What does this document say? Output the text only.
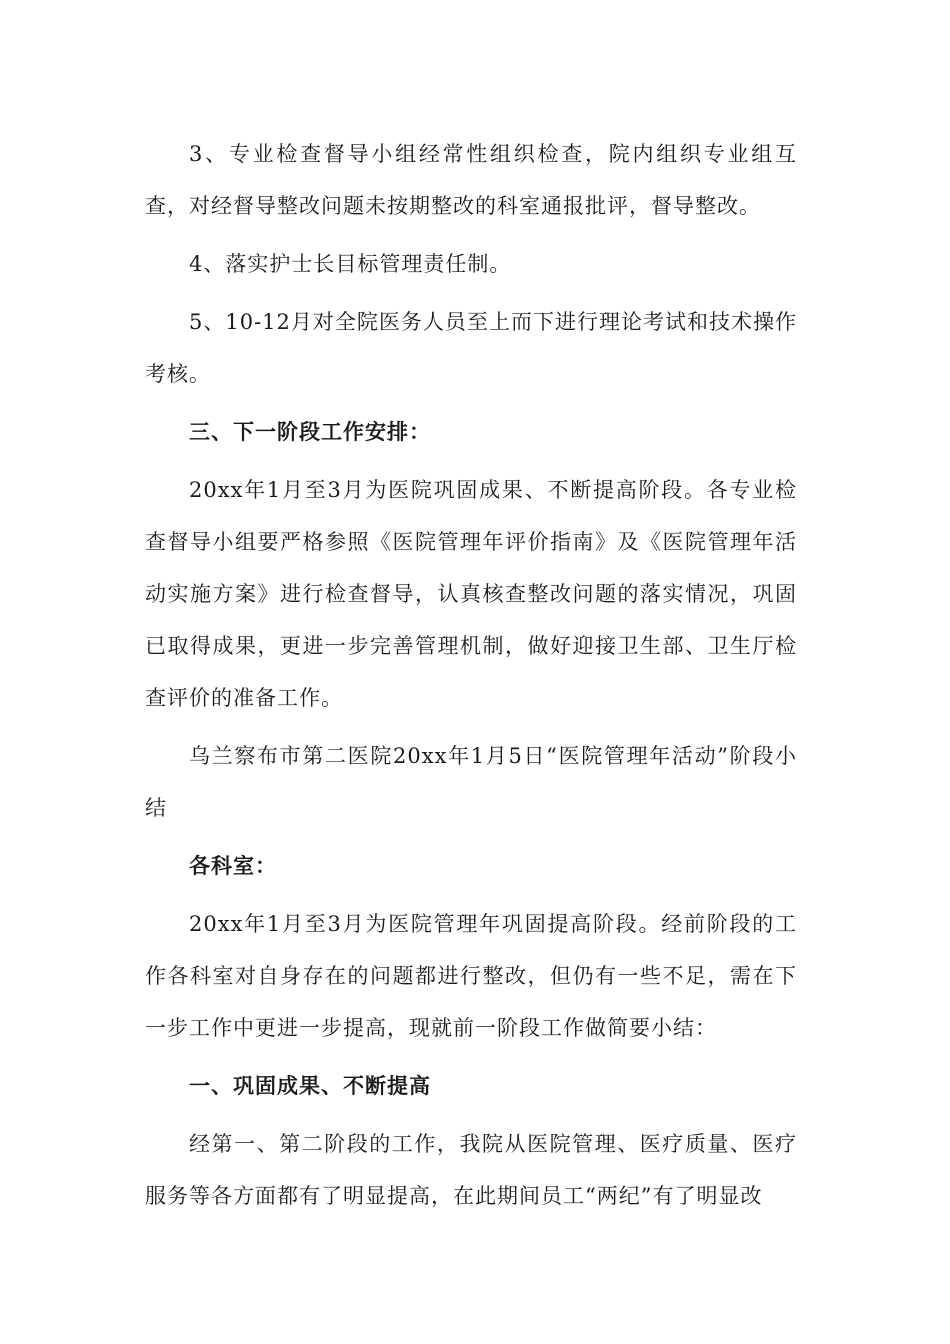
3、专业检查督导小组经常性组织检查，院内组织专业组互查，对经督导整改问题未按期整改的科室通报批评，督导整改。

4、落实护士长目标管理责任制。

5、10-12月对全院医务人员至上而下进行理论考试和技术操作考核。

三、下一阶段工作安排：

20xx年1月至3月为医院巩固成果、不断提高阶段。各专业检查督导小组要严格参照《医院管理年评价指南》及《医院管理年活动实施方案》进行检查督导，认真核查整改问题的落实情况，巩固已取得成果，更进一步完善管理机制，做好迎接卫生部、卫生厅检查评价的准备工作。

乌兰察布市第二医院20xx年1月5日“医院管理年活动”阶段小结

各科室：

20xx年1月至3月为医院管理年巩固提高阶段。经前阶段的工作各科室对自身存在的问题都进行整改，但仍有一些不足，需在下一步工作中更进一步提高，现就前一阶段工作做简要小结：

一、巩固成果、不断提高

经第一、第二阶段的工作，我院从医院管理、医疗质量、医疗服务等各方面都有了明显提高，在此期间员工“两纪”有了明显改
